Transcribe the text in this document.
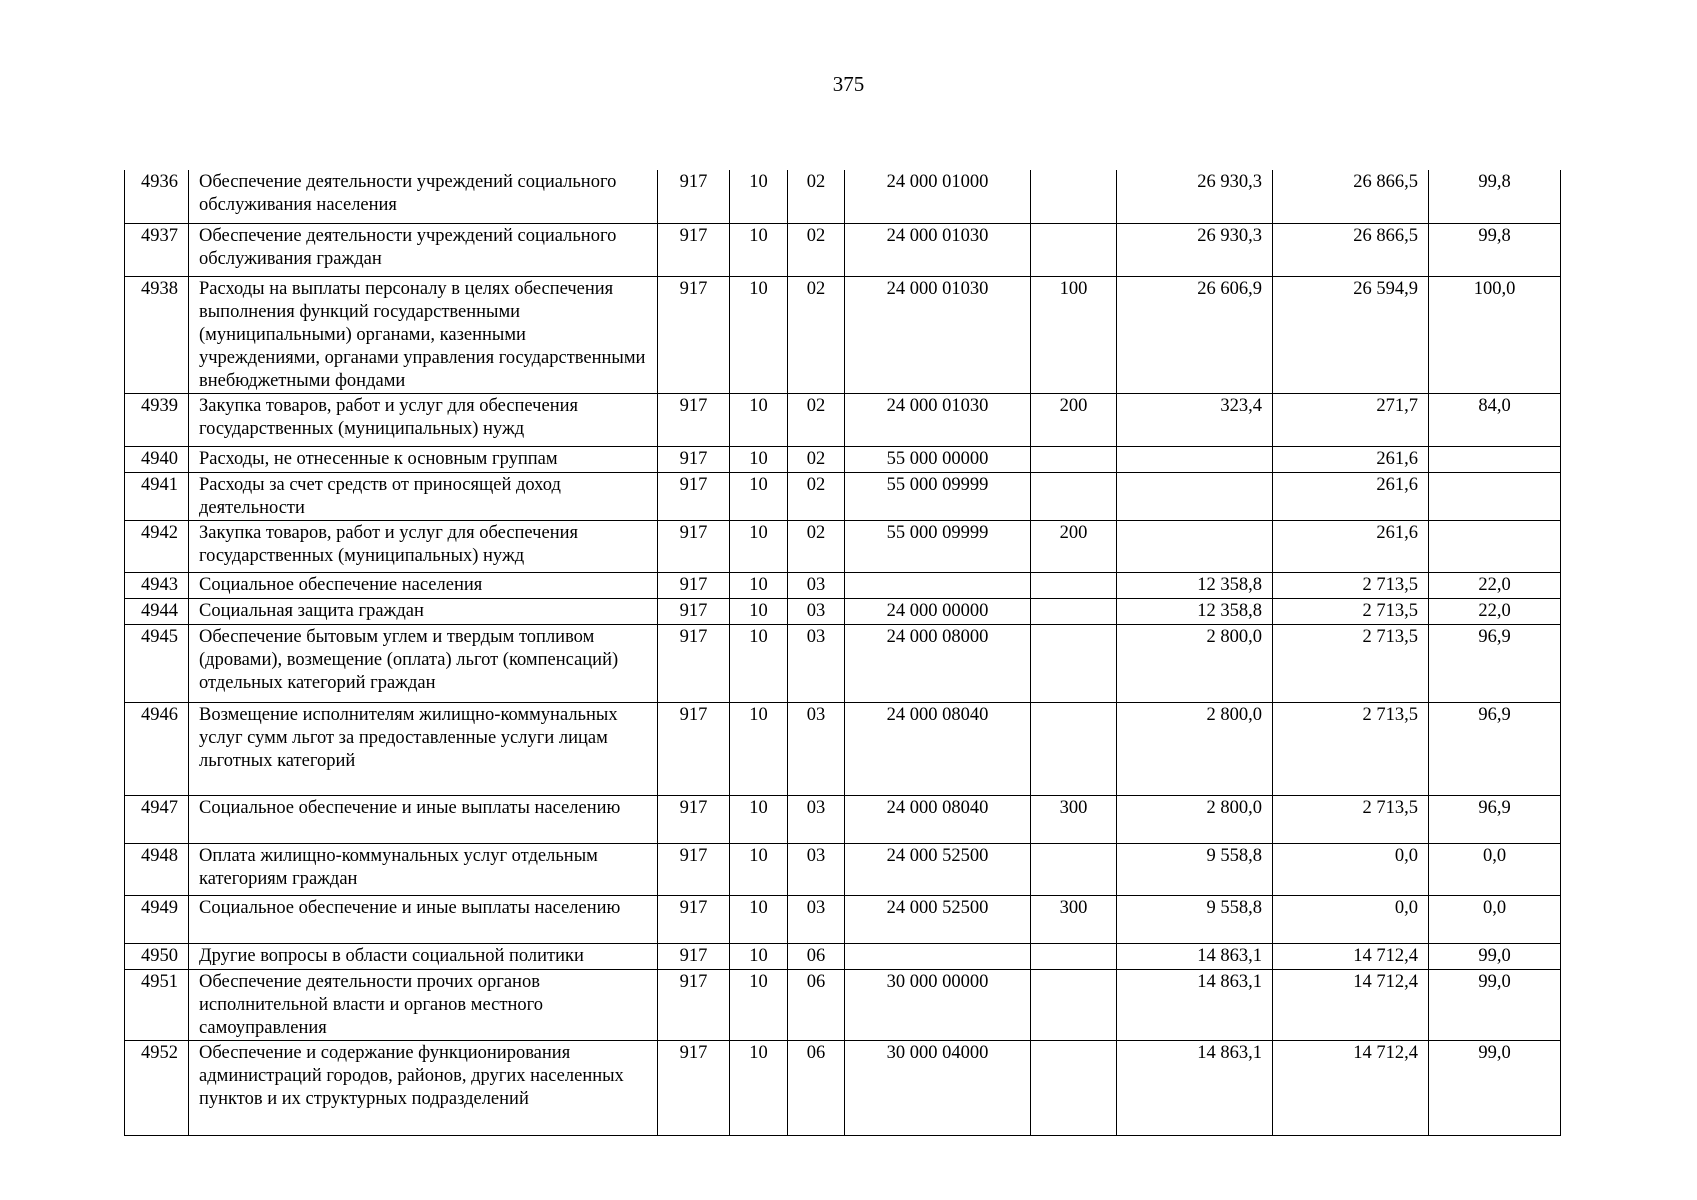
375
4936	Обеспечение деятельности учреждений социального обслуживания населения	917	10	02	24 000 01000		26 930,3	26 866,5	99,8
4937	Обеспечение деятельности учреждений социального обслуживания граждан	917	10	02	24 000 01030		26 930,3	26 866,5	99,8
4938	Расходы на выплаты персоналу в целях обеспечения выполнения функций государственными (муниципальными) органами, казенными учреждениями, органами управления государственными внебюджетными фондами	917	10	02	24 000 01030	100	26 606,9	26 594,9	100,0
4939	Закупка товаров, работ и услуг для обеспечения государственных (муниципальных) нужд	917	10	02	24 000 01030	200	323,4	271,7	84,0
4940	Расходы, не отнесенные к основным группам	917	10	02	55 000 00000			261,6	
4941	Расходы за счет средств от приносящей доход деятельности	917	10	02	55 000 09999			261,6	
4942	Закупка товаров, работ и услуг для обеспечения государственных (муниципальных) нужд	917	10	02	55 000 09999	200		261,6	
4943	Социальное обеспечение населения	917	10	03			12 358,8	2 713,5	22,0
4944	Социальная защита граждан	917	10	03	24 000 00000		12 358,8	2 713,5	22,0
4945	Обеспечение бытовым углем и твердым топливом (дровами), возмещение (оплата) льгот (компенсаций) отдельных категорий граждан	917	10	03	24 000 08000		2 800,0	2 713,5	96,9
4946	Возмещение исполнителям жилищно-коммунальных услуг сумм льгот за предоставленные услуги лицам льготных категорий	917	10	03	24 000 08040		2 800,0	2 713,5	96,9
4947	Социальное обеспечение и иные выплаты населению	917	10	03	24 000 08040	300	2 800,0	2 713,5	96,9
4948	Оплата жилищно-коммунальных услуг отдельным категориям граждан	917	10	03	24 000 52500		9 558,8	0,0	0,0
4949	Социальное обеспечение и иные выплаты населению	917	10	03	24 000 52500	300	9 558,8	0,0	0,0
4950	Другие вопросы в области социальной политики	917	10	06			14 863,1	14 712,4	99,0
4951	Обеспечение деятельности прочих органов исполнительной власти и органов местного самоуправления	917	10	06	30 000 00000		14 863,1	14 712,4	99,0
4952	Обеспечение и содержание функционирования администраций городов, районов, других населенных пунктов и их структурных подразделений	917	10	06	30 000 04000		14 863,1	14 712,4	99,0
